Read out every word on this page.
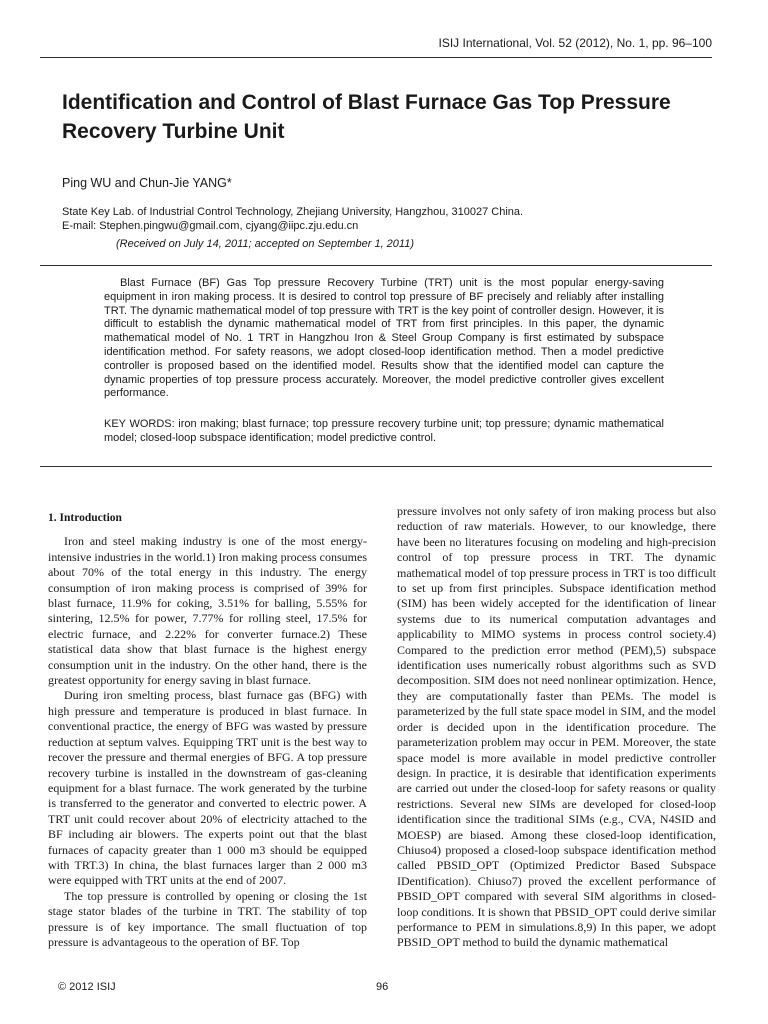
ISIJ International, Vol. 52 (2012), No. 1, pp. 96–100
Identification and Control of Blast Furnace Gas Top Pressure
Recovery Turbine Unit
Ping WU and Chun-Jie YANG*
State Key Lab. of Industrial Control Technology, Zhejiang University, Hangzhou, 310027 China.
E-mail: Stephen.pingwu@gmail.com, cjyang@iipc.zju.edu.cn
(Received on July 14, 2011; accepted on September 1, 2011)

Blast Furnace (BF) Gas Top pressure Recovery Turbine (TRT) unit is the most popular energy-saving equipment in iron making process. It is desired to control top pressure of BF precisely and reliably after installing TRT. The dynamic mathematical model of top pressure with TRT is the key point of controller design. However, it is difficult to establish the dynamic mathematical model of TRT from first principles. In this paper, the dynamic mathematical model of No. 1 TRT in Hangzhou Iron & Steel Group Company is first estimated by subspace identification method. For safety reasons, we adopt closed-loop identification method. Then a model predictive controller is proposed based on the identified model. Results show that the identified model can capture the dynamic properties of top pressure process accurately. Moreover, the model predictive controller gives excellent performance.

KEY WORDS: iron making; blast furnace; top pressure recovery turbine unit; top pressure; dynamic mathematical model; closed-loop subspace identification; model predictive control.

1. Introduction

Iron and steel making industry is one of the most energy-intensive industries in the world.1) Iron making process consumes about 70% of the total energy in this industry. The energy consumption of iron making process is comprised of 39% for blast furnace, 11.9% for coking, 3.51% for balling, 5.55% for sintering, 12.5% for power, 7.77% for rolling steel, 17.5% for electric furnace, and 2.22% for converter furnace.2) These statistical data show that blast furnace is the highest energy consumption unit in the industry. On the other hand, there is the greatest opportunity for energy saving in blast furnace.

During iron smelting process, blast furnace gas (BFG) with high pressure and temperature is produced in blast furnace. In conventional practice, the energy of BFG was wasted by pressure reduction at septum valves. Equipping TRT unit is the best way to recover the pressure and thermal energies of BFG. A top pressure recovery turbine is installed in the downstream of gas-cleaning equipment for a blast furnace. The work generated by the turbine is transferred to the generator and converted to electric power. A TRT unit could recover about 20% of electricity attached to the BF including air blowers. The experts point out that the blast furnaces of capacity greater than 1 000 m3 should be equipped with TRT.3) In china, the blast furnaces larger than 2 000 m3 were equipped with TRT units at the end of 2007.

The top pressure is controlled by opening or closing the 1st stage stator blades of the turbine in TRT. The stability of top pressure is of key importance. The small fluctuation of top pressure is advantageous to the operation of BF. Top

pressure involves not only safety of iron making process but also reduction of raw materials. However, to our knowledge, there have been no literatures focusing on modeling and high-precision control of top pressure process in TRT. The dynamic mathematical model of top pressure process in TRT is too difficult to set up from first principles. Subspace identification method (SIM) has been widely accepted for the identification of linear systems due to its numerical computation advantages and applicability to MIMO systems in process control society.4) Compared to the prediction error method (PEM),5) subspace identification uses numerically robust algorithms such as SVD decomposition. SIM does not need nonlinear optimization. Hence, they are computationally faster than PEMs. The model is parameterized by the full state space model in SIM, and the model order is decided upon in the identification procedure. The parameterization problem may occur in PEM. Moreover, the state space model is more available in model predictive controller design. In practice, it is desirable that identification experiments are carried out under the closed-loop for safety reasons or quality restrictions. Several new SIMs are developed for closed-loop identification since the traditional SIMs (e.g., CVA, N4SID and MOESP) are biased. Among these closed-loop identification, Chiuso4) proposed a closed-loop subspace identification method called PBSID_OPT (Optimized Predictor Based Subspace IDentification). Chiuso7) proved the excellent performance of PBSID_OPT compared with several SIM algorithms in closed-loop conditions. It is shown that PBSID_OPT could derive similar performance to PEM in simulations.8,9) In this paper, we adopt PBSID_OPT method to build the dynamic mathematical

© 2012 ISIJ	96
